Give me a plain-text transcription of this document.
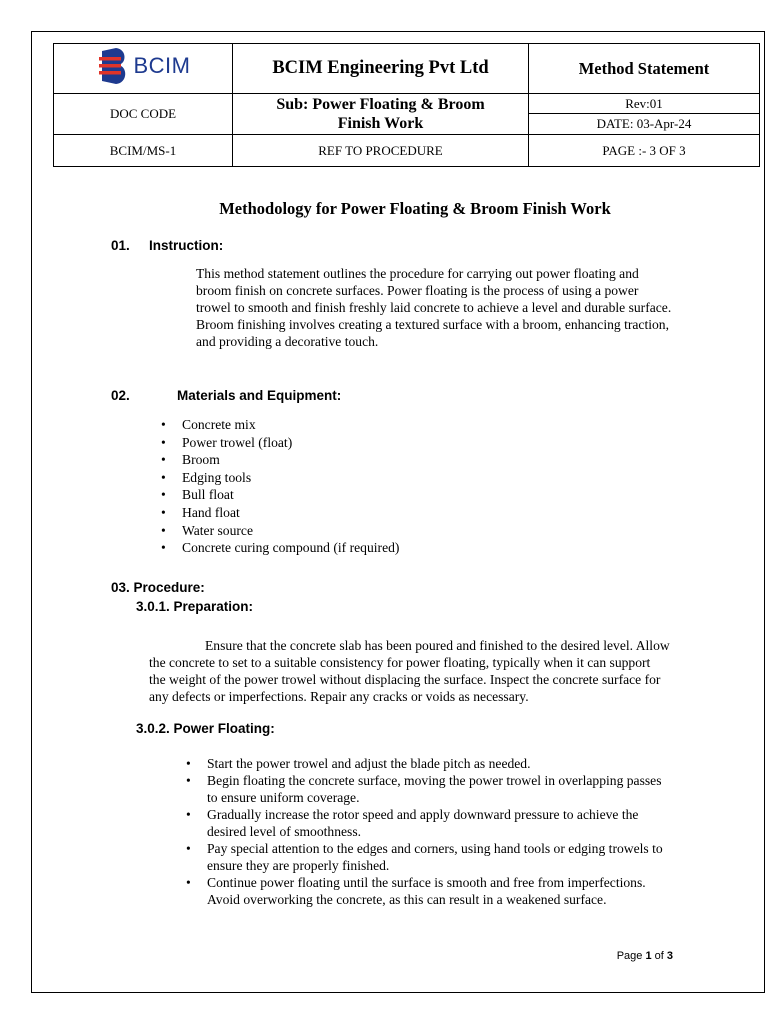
BCIM	BCIM Engineering Pvt Ltd	Method Statement
DOC CODE	Sub: Power Floating & Broom Finish Work	Rev:01
DATE: 03-Apr-24

BCIM/MS-1	REF TO PROCEDURE	PAGE :- 3 OF 3
Methodology for Power Floating & Broom Finish Work
01. Instruction:
This method statement outlines the procedure for carrying out power floating and
broom finish on concrete surfaces. Power floating is the process of using a power
trowel to smooth and finish freshly laid concrete to achieve a level and durable surface.
Broom finishing involves creating a textured surface with a broom, enhancing traction,
and providing a decorative touch.
02.	Materials and Equipment:
• Concrete mix
• Power trowel (float)
• Broom
• Edging tools
• Bull float
• Hand float
• Water source
• Concrete curing compound (if required)
03. Procedure:
3.0.1. Preparation:
Ensure that the concrete slab has been poured and finished to the desired level. Allow
the concrete to set to a suitable consistency for power floating, typically when it can support
the weight of the power trowel without displacing the surface. Inspect the concrete surface for
any defects or imperfections. Repair any cracks or voids as necessary.
3.0.2. Power Floating:
• Start the power trowel and adjust the blade pitch as needed.
• Begin floating the concrete surface, moving the power trowel in overlapping passes
to ensure uniform coverage.
• Gradually increase the rotor speed and apply downward pressure to achieve the
desired level of smoothness.
• Pay special attention to the edges and corners, using hand tools or edging trowels to
ensure they are properly finished.
• Continue power floating until the surface is smooth and free from imperfections.
Avoid overworking the concrete, as this can result in a weakened surface.
Page 1 of 3
